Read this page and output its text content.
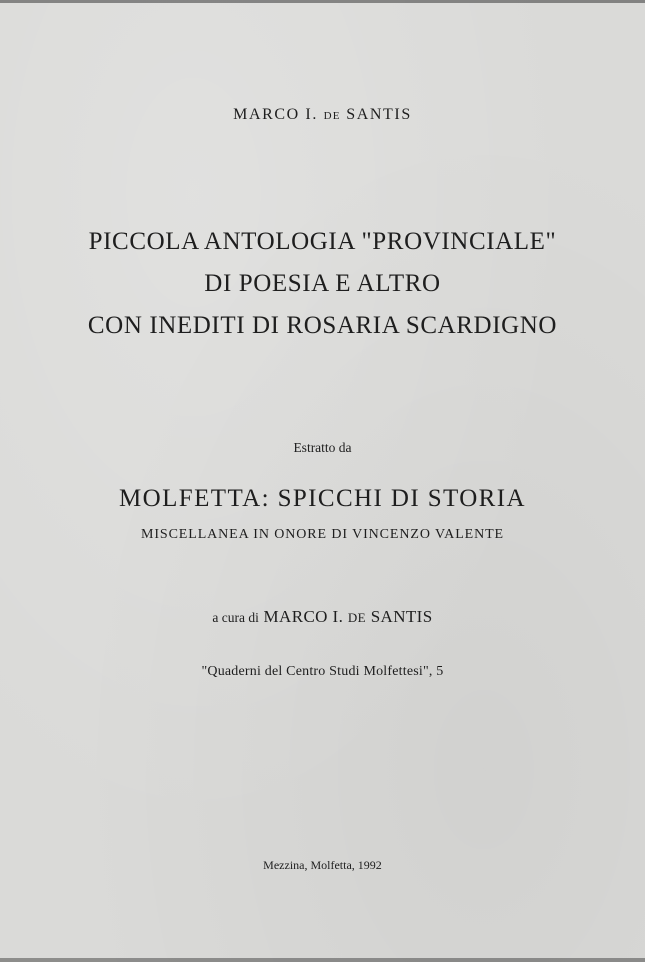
MARCO I. DE SANTIS
PICCOLA ANTOLOGIA "PROVINCIALE"
DI POESIA E ALTRO
CON INEDITI DI ROSARIA SCARDIGNO
Estratto da
MOLFETTA: SPICCHI DI STORIA
MISCELLANEA IN ONORE DI VINCENZO VALENTE
a cura di MARCO I. DE SANTIS
"Quaderni del Centro Studi Molfettesi", 5
Mezzina, Molfetta, 1992
